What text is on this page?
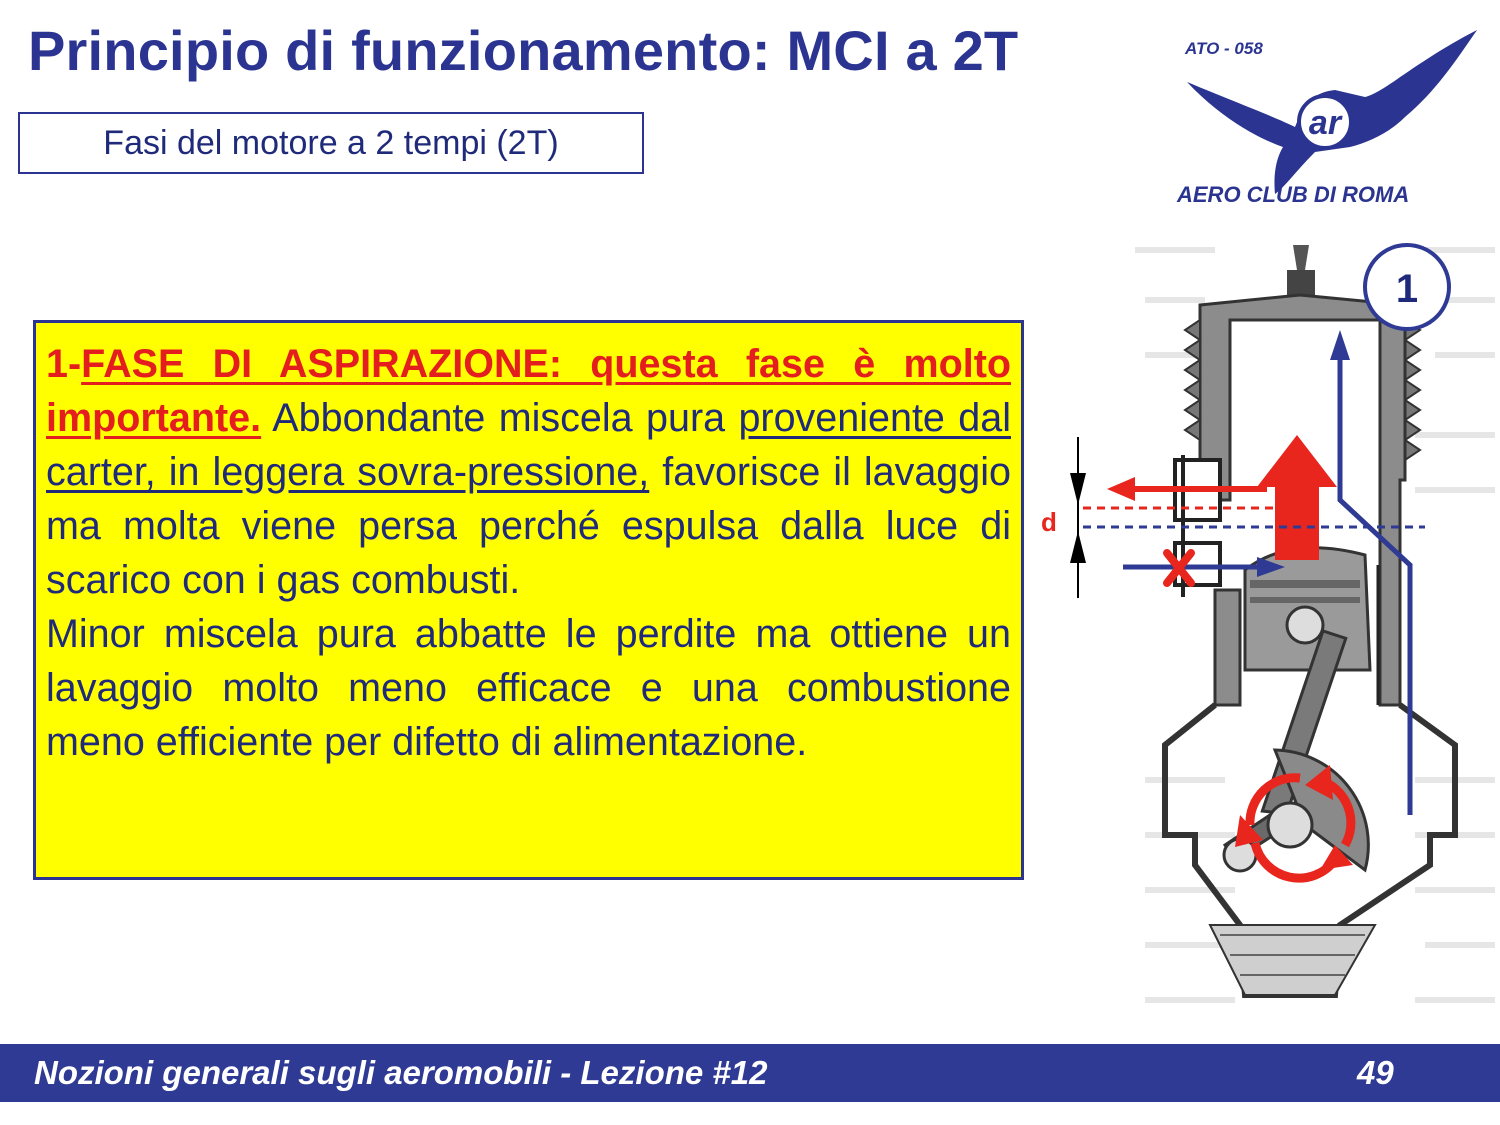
Principio di funzionamento: MCI a 2T
Fasi del motore a 2 tempi (2T)
ATO - 058
ar
AERO CLUB DI ROMA

1-FASE DI ASPIRAZIONE: questa fase è molto importante. Abbondante miscela pura proveniente dal carter, in leggera sovra-pressione, favorisce il lavaggio ma molta viene persa perché espulsa dalla luce di scarico con i gas combusti.

Minor miscela pura abbatte le perdite ma ottiene un lavaggio molto meno efficace e una combustione meno efficiente per difetto di alimentazione.

d
1
Nozioni generali sugli aeromobili - Lezione #12	49
